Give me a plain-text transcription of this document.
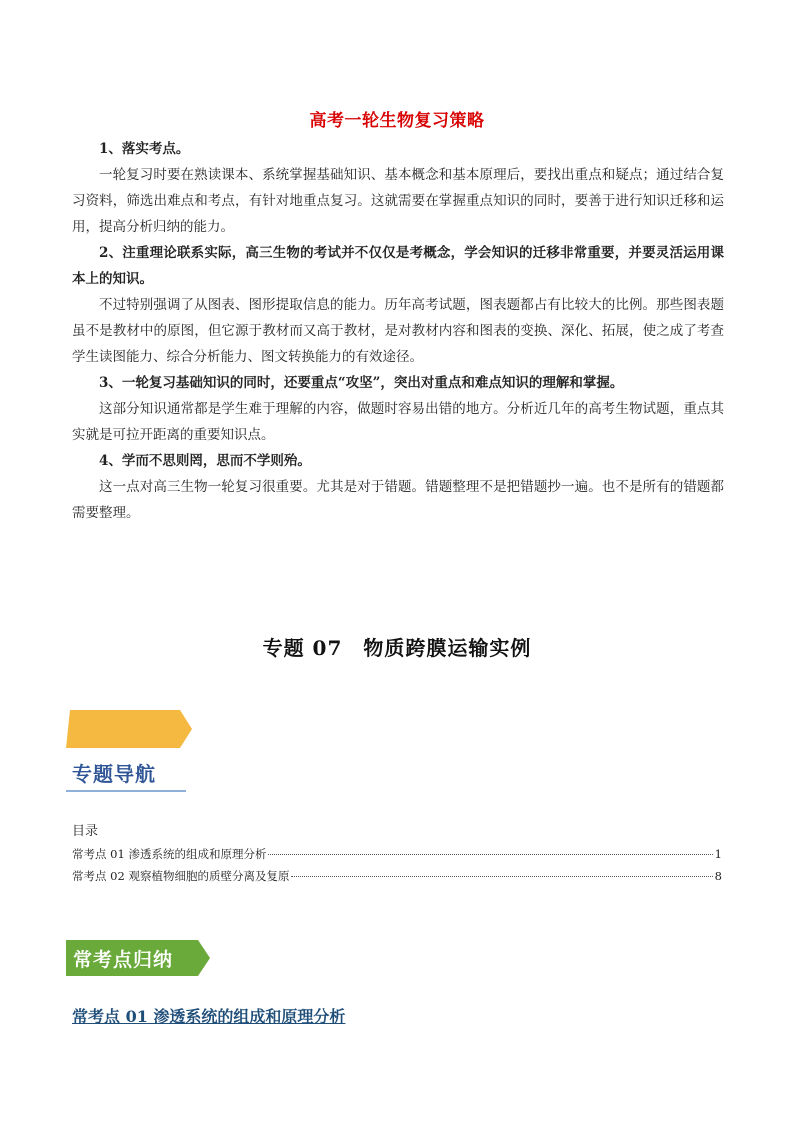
高考一轮生物复习策略

1、落实考点。

一轮复习时要在熟读课本、系统掌握基础知识、基本概念和基本原理后，要找出重点和疑点；通过结合复习资料，筛选出难点和考点，有针对地重点复习。这就需要在掌握重点知识的同时，要善于进行知识迁移和运用，提高分析归纳的能力。

2、注重理论联系实际，高三生物的考试并不仅仅是考概念，学会知识的迁移非常重要，并要灵活运用课本上的知识。

不过特别强调了从图表、图形提取信息的能力。历年高考试题，图表题都占有比较大的比例。那些图表题虽不是教材中的原图，但它源于教材而又高于教材，是对教材内容和图表的变换、深化、拓展，使之成了考查学生读图能力、综合分析能力、图文转换能力的有效途径。

3、一轮复习基础知识的同时，还要重点“攻坚”，突出对重点和难点知识的理解和掌握。

这部分知识通常都是学生难于理解的内容，做题时容易出错的地方。分析近几年的高考生物试题，重点其实就是可拉开距离的重要知识点。

4、学而不思则罔，思而不学则殆。

这一点对高三生物一轮复习很重要。尤其是对于错题。错题整理不是把错题抄一遍。也不是所有的错题都需要整理。

专题 07　物质跨膜运输实例
专题导航
目录
常考点 01 渗透系统的组成和原理分析	1
常考点 02 观察植物细胞的质壁分离及复原	8
常考点归纳
常考点 01 渗透系统的组成和原理分析
